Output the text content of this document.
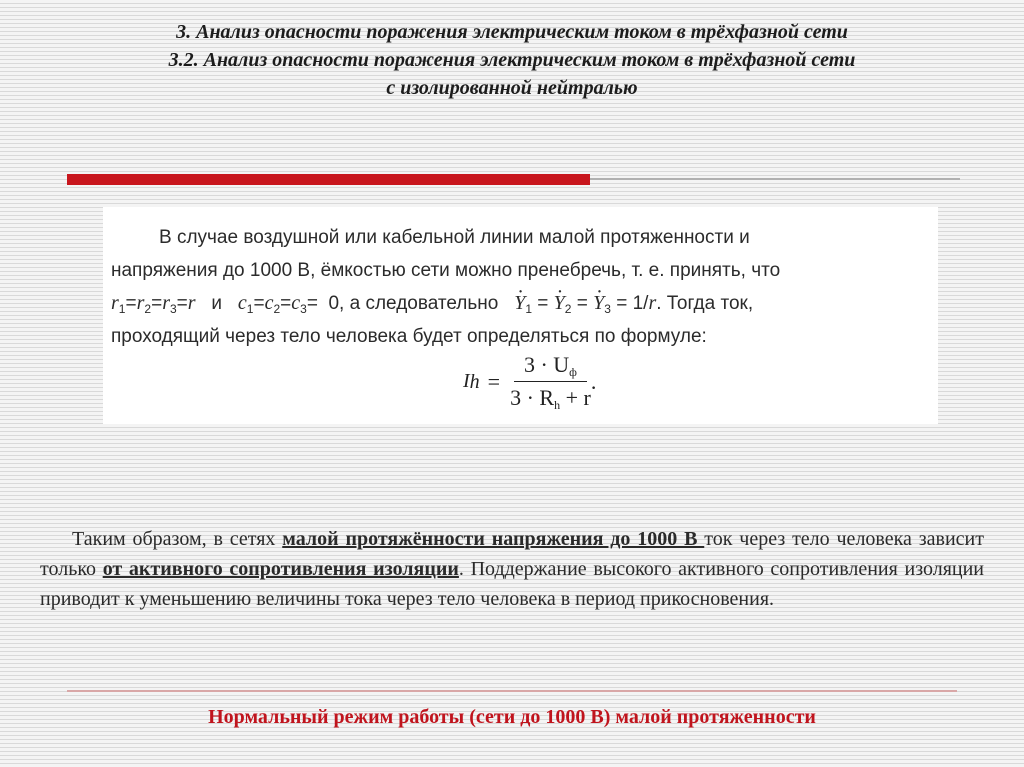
3. Анализ опасности поражения электрическим током в трёхфазной сети
3.2. Анализ опасности поражения электрическим током в трёхфазной сети
с изолированной нейтралью
В случае воздушной или кабельной линии малой протяженности и
напряжения до 1000 В, ёмкостью сети можно пренебречь, т. е. принять, что
$r_1=r_2=r_3=r$   и   $c_1=c_2=c_3= 0$, а следовательно   · $Y_1$ = · $Y_2$ = · $Y_3 = 1/r$. Тогда ток,
проходящий через тело человека будет определяться по формуле:
I $h = \frac{3 \cdot U_ф}{3 \cdot R_h + r}$ .
Таким образом, в сетях малой протяжённости напряжения до 1000 В ток через тело человека зависит только от активного сопротивления изоляции. Поддержание высокого активного сопротивления изоляции приводит к уменьшению величины тока через тело человека в период прикосновения.
Нормальный режим работы (сети до 1000 В) малой протяженности
